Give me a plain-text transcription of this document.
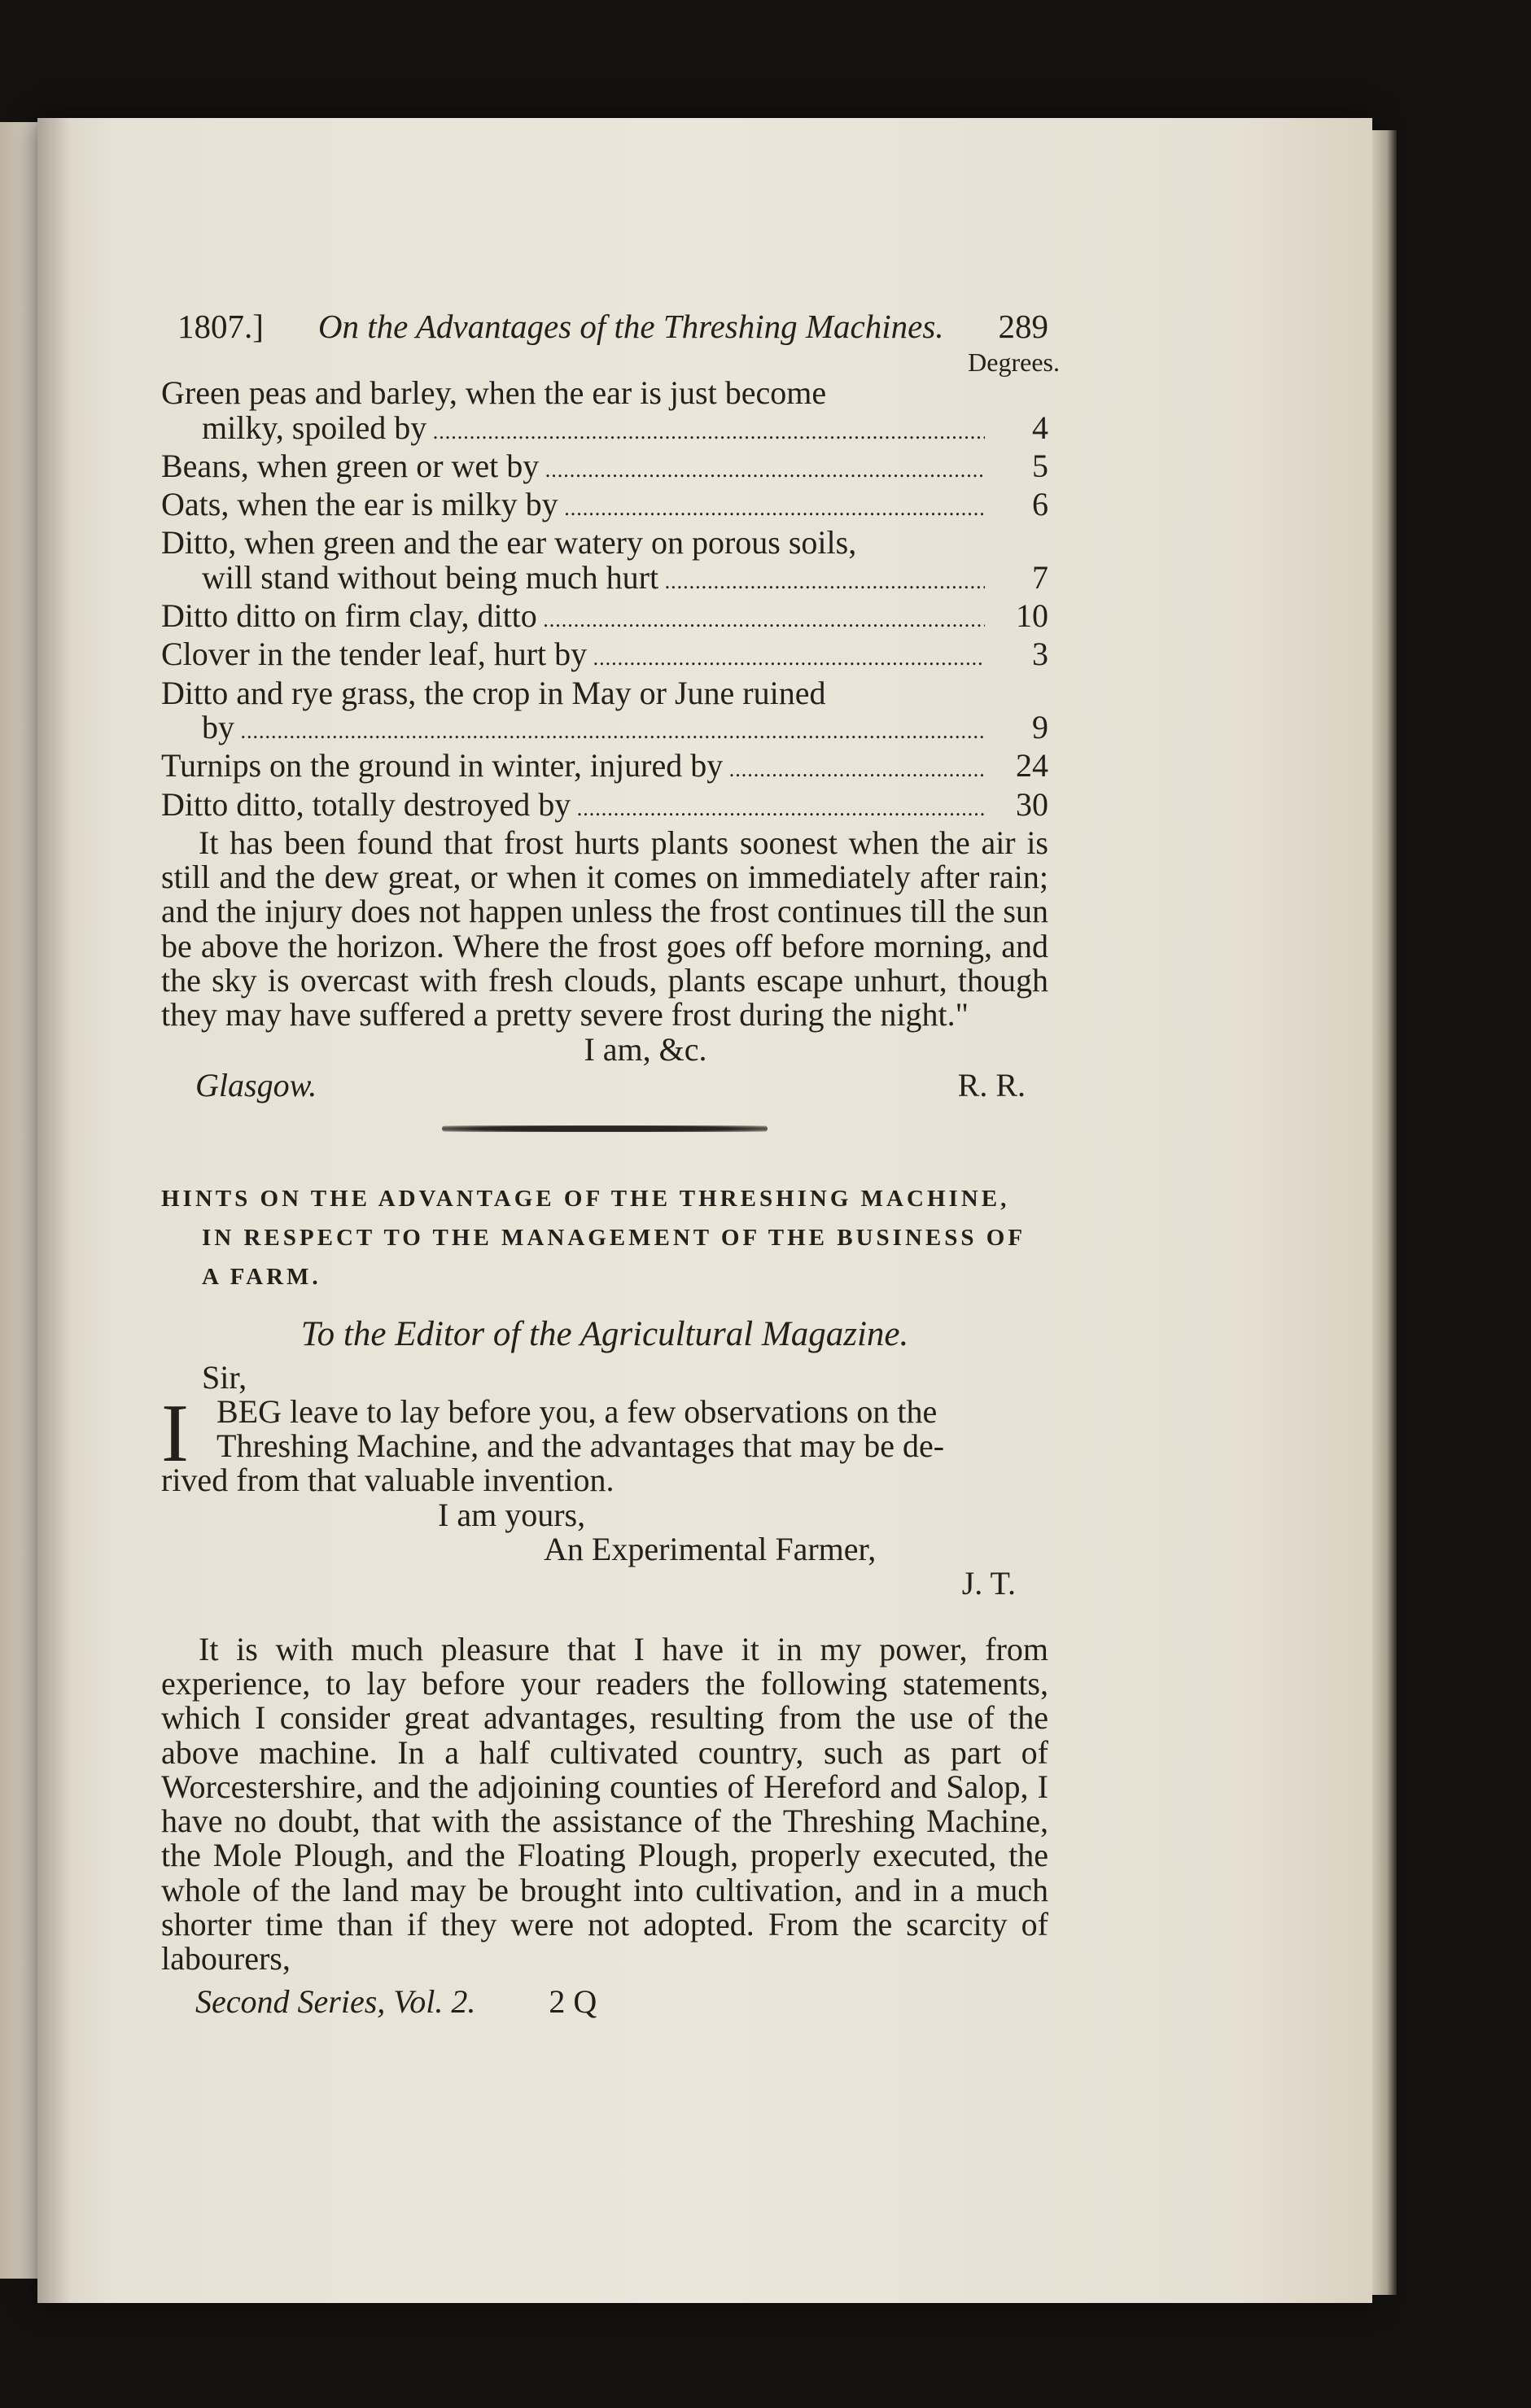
1807.] On the Advantages of the Threshing Machines. 289
Degrees.
Green peas and barley, when the ear is just become
milky, spoiled by .....	4
Beans, when green or wet by .....	5
Oats, when the ear is milky by .....	6
Ditto, when green and the ear watery on porous soils,
will stand without being much hurt .....	7
Ditto ditto on firm clay, ditto .....	10
Clover in the tender leaf, hurt by .....	3
Ditto and rye grass, the crop in May or June ruined
by .....	9
Turnips on the ground in winter, injured by .....	24
Ditto ditto, totally destroyed by .....	30
It has been found that frost hurts plants soonest when the air is still and the dew great, or when it comes on immediately after rain; and the injury does not happen unless the frost continues till the sun be above the horizon. Where the frost goes off before morning, and the sky is overcast with fresh clouds, plants escape unhurt, though they may have suffered a pretty severe frost during the night."
I am, &c.
Glasgow.	R. R.
HINTS ON THE ADVANTAGE OF THE THRESHING MACHINE,
IN RESPECT TO THE MANAGEMENT OF THE BUSINESS OF
A FARM.
To the Editor of the Agricultural Magazine.
Sir,
I BEG leave to lay before you, a few observations on the
Threshing Machine, and the advantages that may be de-
rived from that valuable invention.
I am yours,
An Experimental Farmer,
J. T.
It is with much pleasure that I have it in my power, from experience, to lay before your readers the following statements, which I consider great advantages, resulting from the use of the above machine. In a half cultivated country, such as part of Worcestershire, and the adjoining counties of Hereford and Salop, I have no doubt, that with the assistance of the Threshing Machine, the Mole Plough, and the Floating Plough, properly executed, the whole of the land may be brought into cultivation, and in a much shorter time than if they were not adopted. From the scarcity of labourers,
Second Series, Vol. 2. 2 Q
